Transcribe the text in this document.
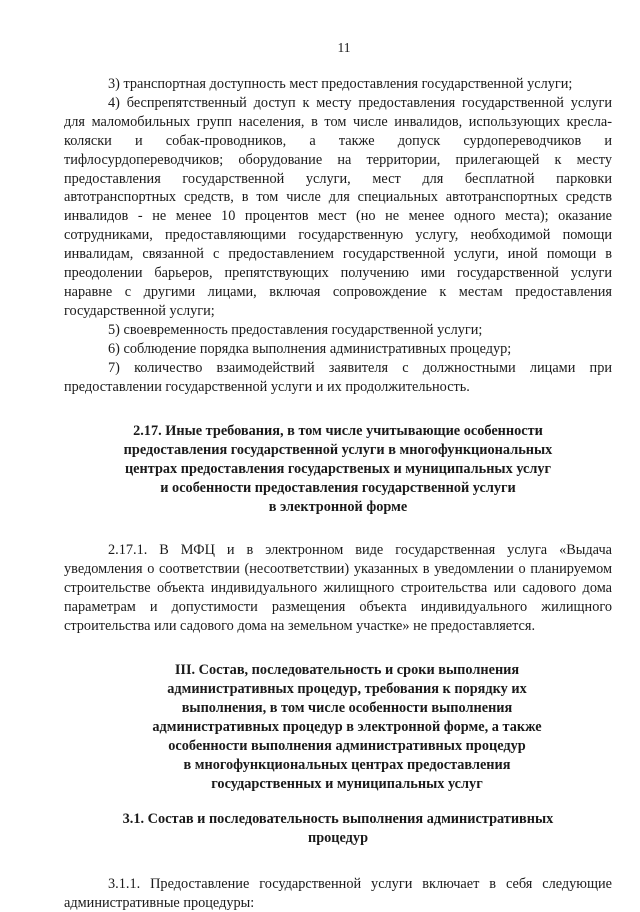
11

3) транспортная доступность мест предоставления государственной услуги;

4) беспрепятственный доступ к месту предоставления государственной услуги для маломобильных групп населения, в том числе инвалидов, использующих кресла-коляски и собак-проводников, а также допуск сурдопереводчиков и тифлосурдопереводчиков; оборудование на территории, прилегающей к месту предоставления государственной услуги, мест для бесплатной парковки автотранспортных средств, в том числе для специальных автотранспортных средств инвалидов - не менее 10 процентов мест (но не менее одного места); оказание сотрудниками, предоставляющими государственную услугу, необходимой помощи инвалидам, связанной с предоставлением государственной услуги, иной помощи в преодолении барьеров, препятствующих получению ими государственной услуги наравне с другими лицами, включая сопровождение к местам предоставления государственной услуги;

5) своевременность предоставления государственной услуги;

6) соблюдение порядка выполнения административных процедур;

7) количество взаимодействий заявителя с должностными лицами при предоставлении государственной услуги и их продолжительность.

2.17. Иные требования, в том числе учитывающие особенности
предоставления государственной услуги в многофункциональных
центрах предоставления государственых и муниципальных услуг
и особенности предоставления государственной услуги
в электронной форме

2.17.1. В МФЦ и в электронном виде государственная услуга «Выдача уведомления о соответствии (несоответствии) указанных в уведомлении о планируемом строительстве объекта индивидуального жилищного строительства или садового дома параметрам и допустимости размещения объекта индивидуального жилищного строительства или садового дома на земельном участке» не предоставляется.

III. Состав, последовательность и сроки выполнения
административных процедур, требования к порядку их
выполнения, в том числе особенности выполнения
административных процедур в электронной форме, а также
особенности выполнения административных процедур
в многофункциональных центрах предоставления
государственных и муниципальных услуг
3.1. Состав и последовательность выполнения административных
процедур

3.1.1. Предоставление государственной услуги включает в себя следующие административные процедуры:
